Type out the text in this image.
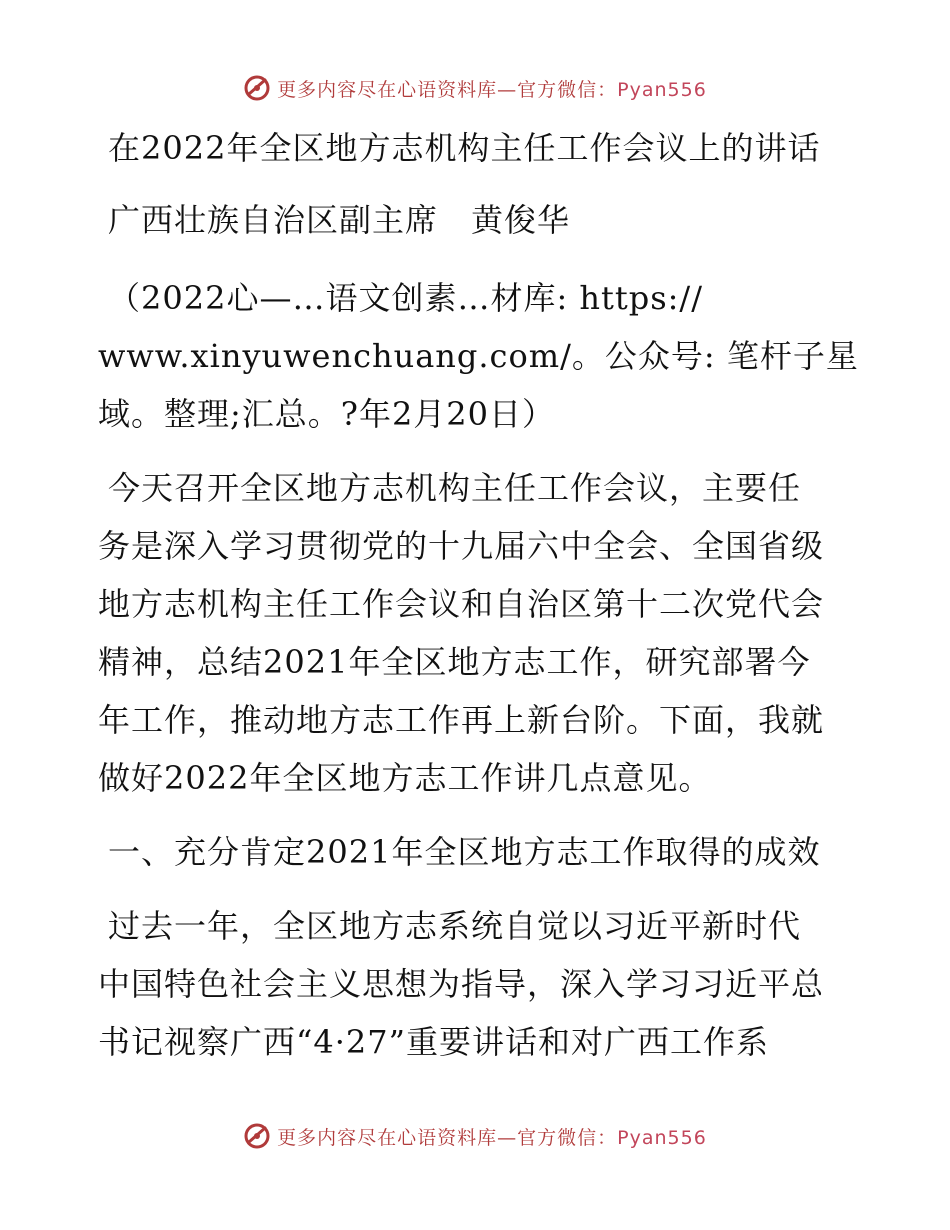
更多内容尽在心语资料库—官方微信：Pyan556
在2022年全区地方志机构主任工作会议上的讲话
广西壮族自治区副主席　黄俊华
（2022心—…语文创素…材库: https://
www.xinyuwenchuang.com/。公众号: 笔杆子星
域。整理;汇总。?年2月20日）
今天召开全区地方志机构主任工作会议，主要任
务是深入学习贯彻党的十九届六中全会、全国省级
地方志机构主任工作会议和自治区第十二次党代会
精神，总结2021年全区地方志工作，研究部署今
年工作，推动地方志工作再上新台阶。下面，我就
做好2022年全区地方志工作讲几点意见。
一、充分肯定2021年全区地方志工作取得的成效
过去一年，全区地方志系统自觉以习近平新时代
中国特色社会主义思想为指导，深入学习习近平总
书记视察广西“4·27”重要讲话和对广西工作系
更多内容尽在心语资料库—官方微信：Pyan556
